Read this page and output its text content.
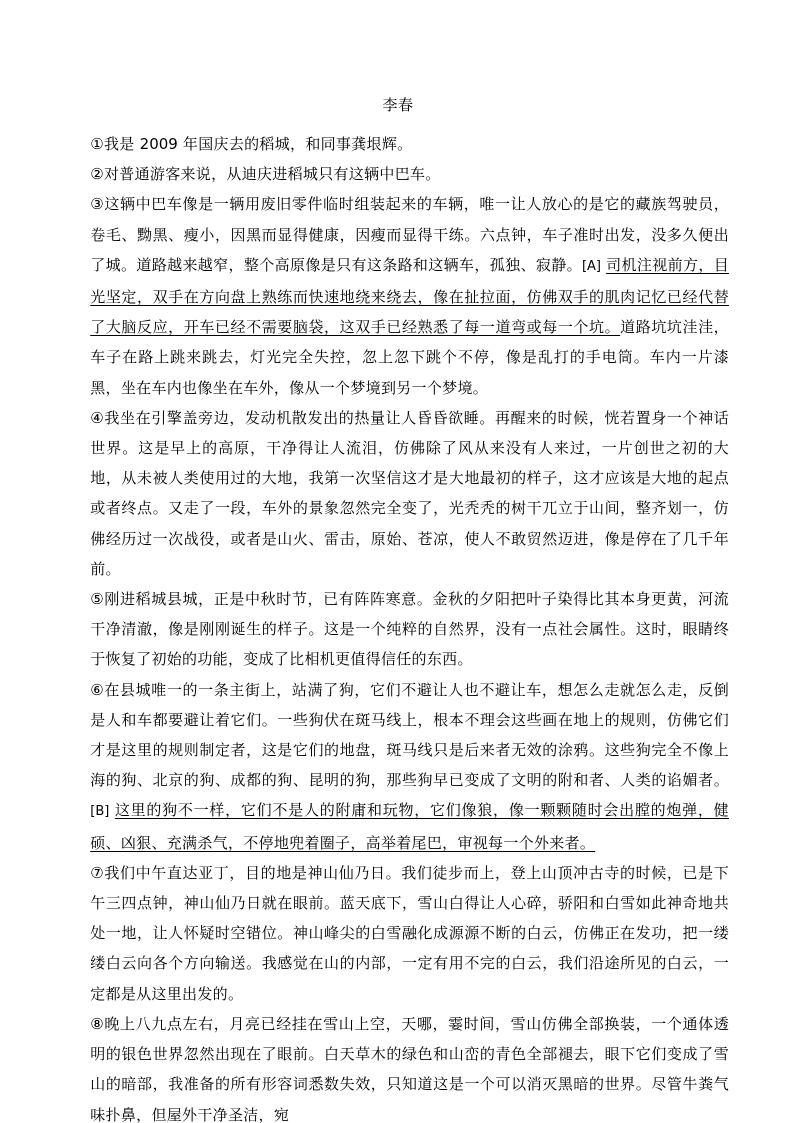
李春

①我是 2009 年国庆去的稻城，和同事龚垠辉。

②对普通游客来说，从迪庆进稻城只有这辆中巴车。

③这辆中巴车像是一辆用废旧零件临时组装起来的车辆，唯一让人放心的是它的藏族驾驶员，卷毛、黝黑、瘦小，因黑而显得健康，因瘦而显得干练。六点钟，车子准时出发，没多久便出了城。道路越来越窄，整个高原像是只有这条路和这辆车，孤独、寂静。[A] 司机注视前方，目光坚定，双手在方向盘上熟练而快速地绕来绕去，像在扯拉面，仿佛双手的肌肉记忆已经代替了大脑反应，开车已经不需要脑袋，这双手已经熟悉了每一道弯或每一个坑。道路坑坑洼洼，车子在路上跳来跳去，灯光完全失控，忽上忽下跳个不停，像是乱打的手电筒。车内一片漆黑，坐在车内也像坐在车外，像从一个梦境到另一个梦境。

④我坐在引擎盖旁边，发动机散发出的热量让人昏昏欲睡。再醒来的时候，恍若置身一个神话世界。这是早上的高原，干净得让人流泪，仿佛除了风从来没有人来过，一片创世之初的大地，从未被人类使用过的大地，我第一次坚信这才是大地最初的样子，这才应该是大地的起点或者终点。又走了一段，车外的景象忽然完全变了，光秃秃的树干兀立于山间，整齐划一，仿佛经历过一次战役，或者是山火、雷击，原始、苍凉，使人不敢贸然迈进，像是停在了几千年前。

⑤刚进稻城县城，正是中秋时节，已有阵阵寒意。金秋的夕阳把叶子染得比其本身更黄，河流干净清澈，像是刚刚诞生的样子。这是一个纯粹的自然界，没有一点社会属性。这时，眼睛终于恢复了初始的功能，变成了比相机更值得信任的东西。

⑥在县城唯一的一条主街上，站满了狗，它们不避让人也不避让车，想怎么走就怎么走，反倒是人和车都要避让着它们。一些狗伏在斑马线上，根本不理会这些画在地上的规则，仿佛它们才是这里的规则制定者，这是它们的地盘，斑马线只是后来者无效的涂鸦。这些狗完全不像上海的狗、北京的狗、成都的狗、昆明的狗，那些狗早已变成了文明的附和者、人类的谄媚者。[B] 这里的狗不一样，它们不是人的附庸和玩物，它们像狼，像一颗颗随时会出膛的炮弹，健硕、凶狠、充满杀气，不停地兜着圈子，高举着尾巴，审视每一个外来者。

⑦我们中午直达亚丁，目的地是神山仙乃日。我们徒步而上，登上山顶冲古寺的时候，已是下午三四点钟，神山仙乃日就在眼前。蓝天底下，雪山白得让人心碎，骄阳和白雪如此神奇地共处一地，让人怀疑时空错位。神山峰尖的白雪融化成源源不断的白云，仿佛正在发功，把一缕缕白云向各个方向输送。我感觉在山的内部，一定有用不完的白云，我们沿途所见的白云，一定都是从这里出发的。

⑧晚上八九点左右，月亮已经挂在雪山上空，天哪，霎时间，雪山仿佛全部换装，一个通体透明的银色世界忽然出现在了眼前。白天草木的绿色和山峦的青色全部褪去，眼下它们变成了雪山的暗部，我准备的所有形容词悉数失效，只知道这是一个可以消灭黑暗的世界。尽管牛粪气味扑鼻，但屋外干净圣洁，宛
